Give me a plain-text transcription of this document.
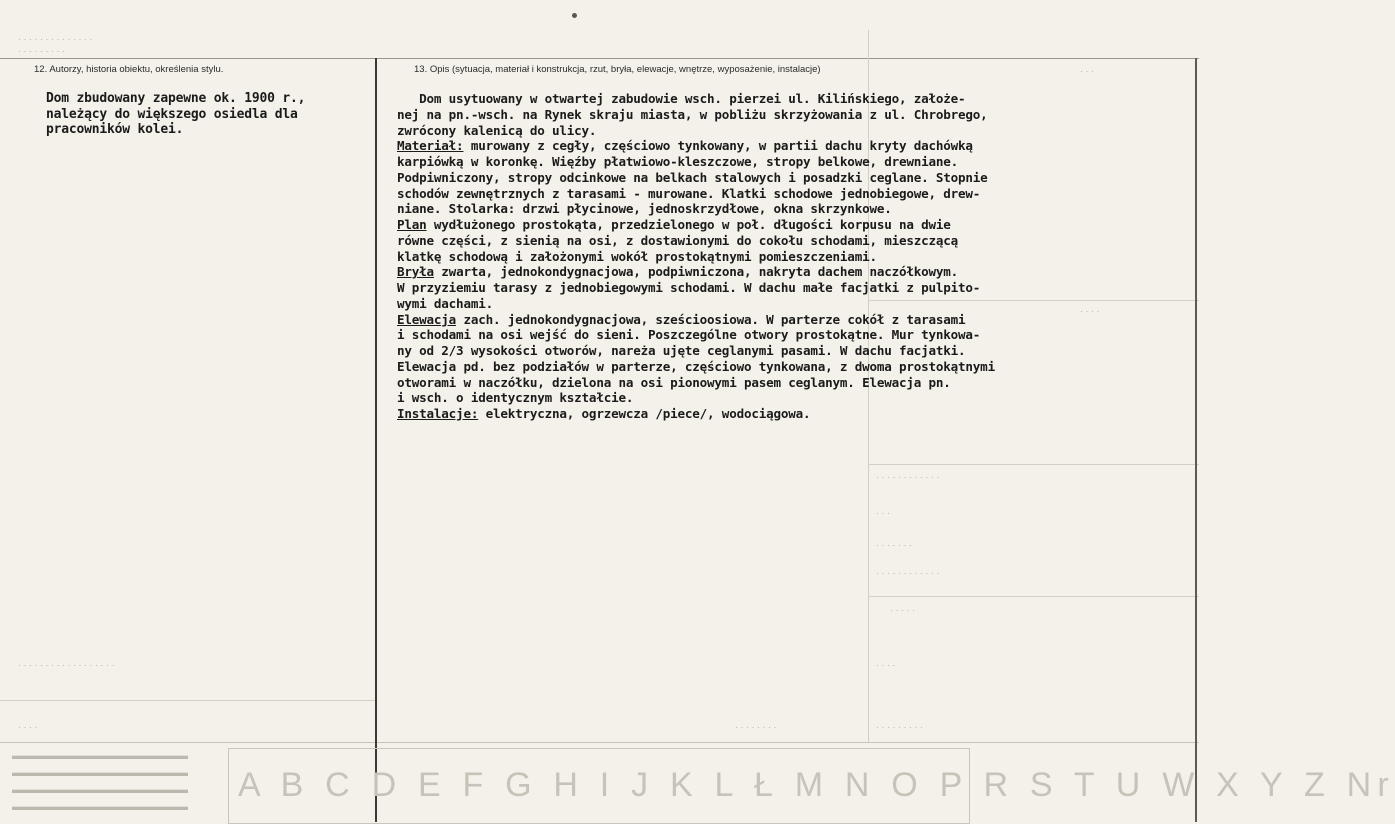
· · · · · · · · · · · · · ·
· · · · · · · · ·
· · · · · · · · · · · ·
· · ·
· · · · · · ·
· · · · · · · · · · · ·
· · · · ·
· · · ·
· · · · · · · · · · · · · · · · · ·
· · · ·	· · · · · · · ·	· · · · · · · · ·
· · ·
· · · ·
▬▬▬▬▬▬▬▬▬▬▬▬▬▬▬▬
▬▬▬▬▬▬▬▬▬▬▬▬▬▬▬▬
▬▬▬▬▬▬▬▬▬▬▬▬▬▬▬▬
▬▬▬▬▬▬▬▬▬▬▬▬▬▬▬▬
12. Autorzy, historia obiektu, określenia stylu.	13. Opis (sytuacja, materiał i konstrukcja, rzut, bryła, elewacje, wnętrze, wyposażenie, instalacje)
Dom zbudowany zapewne ok. 1900 r.,
należący do większego osiedla dla
pracowników kolei.
Dom usytuowany w otwartej zabudowie wsch. pierzei ul. Kilińskiego, założe-
nej na pn.-wsch. na Rynek skraju miasta, w pobliżu skrzyżowania z ul. Chrobrego,
zwrócony kalenicą do ulicy.
Materiał: murowany z cegły, częściowo tynkowany, w partii dachu kryty dachówką
karpiówką w koronkę. Więźby płatwiowo-kleszczowe, stropy belkowe, drewniane.
Podpiwniczony, stropy odcinkowe na belkach stalowych i posadzki ceglane. Stopnie
schodów zewnętrznych z tarasami - murowane. Klatki schodowe jednobiegowe, drew-
niane. Stolarka: drzwi płycinowe, jednoskrzydłowe, okna skrzynkowe.
Plan wydłużonego prostokąta, przedzielonego w poł. długości korpusu na dwie
równe części, z sienią na osi, z dostawionymi do cokołu schodami, mieszczącą
klatkę schodową i założonymi wokół prostokątnymi pomieszczeniami.
Bryła zwarta, jednokondygnacjowa, podpiwniczona, nakryta dachem naczółkowym.
W przyziemiu tarasy z jednobiegowymi schodami. W dachu małe facjatki z pulpito-
wymi dachami.
Elewacja zach. jednokondygnacjowa, sześcioosiowa. W parterze cokół z tarasami
i schodami na osi wejść do sieni. Poszczególne otwory prostokątne. Mur tynkowa-
ny od 2/3 wysokości otworów, nareża ujęte ceglanymi pasami. W dachu facjatki.
Elewacja pd. bez podziałów w parterze, częściowo tynkowana, z dwoma prostokątnymi
otworami w naczółku, dzielona na osi pionowymi pasem ceglanym. Elewacja pn.
i wsch. o identycznym kształcie.
Instalacje: elektryczna, ogrzewcza /piece/, wodociągowa.
A B C D E F G H I J K L Ł M N O P R S T U W X Y Z Nr
